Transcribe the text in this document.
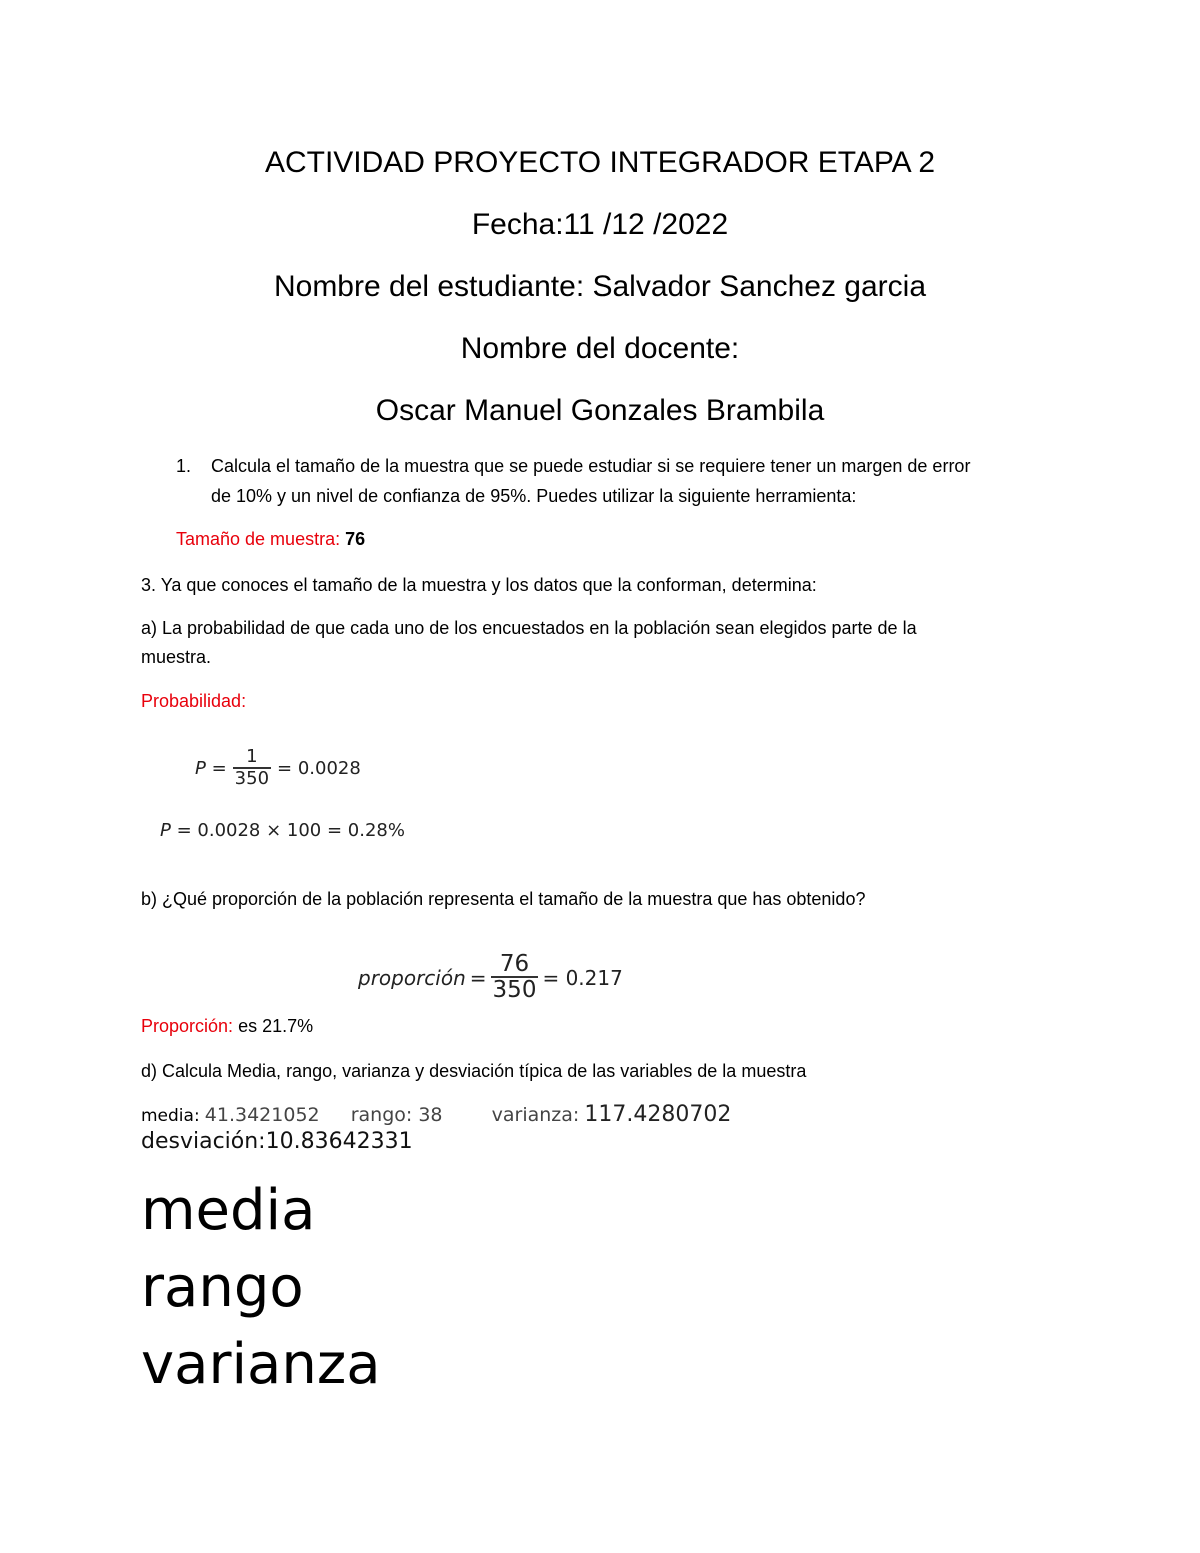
ACTIVIDAD PROYECTO INTEGRADOR ETAPA 2
Fecha:11 /12 /2022
Nombre del estudiante: Salvador Sanchez garcia
Nombre del docente:
Oscar Manuel Gonzales Brambila
1. Calcula el tamaño de la muestra que se puede estudiar si se requiere tener un margen de error
de 10% y un nivel de confianza de 95%. Puedes utilizar la siguiente herramienta:
Tamaño de muestra: 76
3. Ya que conoces el tamaño de la muestra y los datos que la conforman, determina:
a) La probabilidad de que cada uno de los encuestados en la población sean elegidos parte de la
muestra.
Probabilidad:
$P = \frac{1}{350} = 0.0028$
P = 0.0028 × 100 = 0.28%
b) ¿Qué proporción de la población representa el tamaño de la muestra que has obtenido?
proporción = $\frac{76}{350} = 0.217$
Proporción: es 21.7%
d) Calcula Media, rango, varianza y desviación típica de las variables de la muestra
media: 41.3421052 rango: 38	varianza: 117.4280702
desviación:10.83642331
media
rango
varianza
